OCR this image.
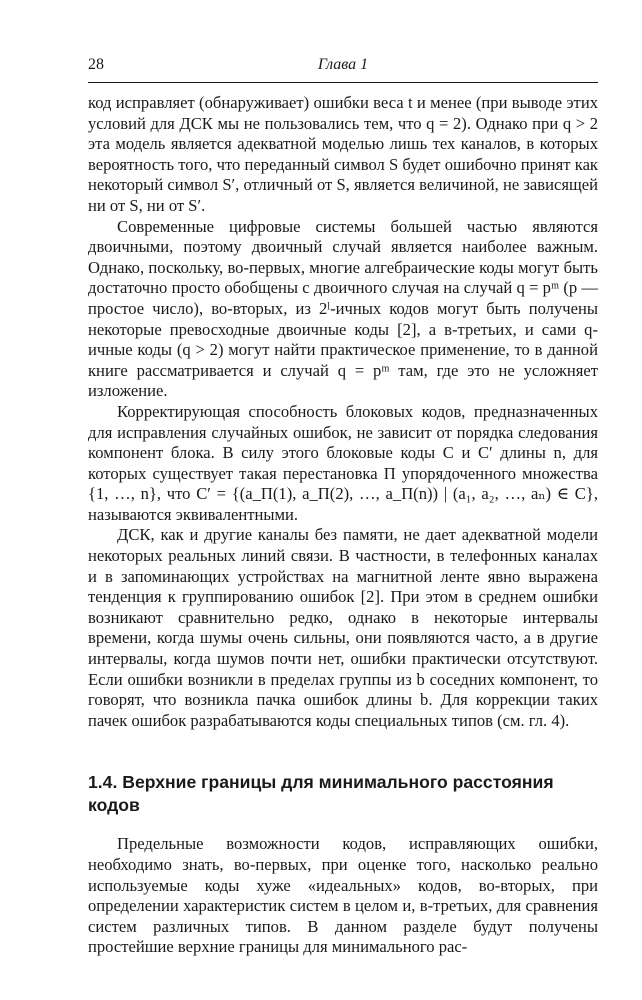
28	Глава 1

код исправляет (обнаруживает) ошибки веса t и менее (при выводе этих условий для ДСК мы не пользовались тем, что q = 2). Однако при q > 2 эта модель является адекватной моделью лишь тех каналов, в которых вероятность того, что переданный символ S будет ошибочно принят как некоторый символ S′, отличный от S, является величиной, не зависящей ни от S, ни от S′.

Современные цифровые системы большей частью являются двоичными, поэтому двоичный случай является наиболее важным. Однако, поскольку, во-первых, многие алгебраические коды могут быть достаточно просто обобщены с двоичного случая на случай q = pᵐ (p — простое число), во-вторых, из 2ˡ-ичных кодов могут быть получены некоторые превосходные двоичные коды [2], а в-третьих, и сами q-ичные коды (q > 2) могут найти практическое применение, то в данной книге рассматривается и случай q = pᵐ там, где это не усложняет изложение.

Корректирующая способность блоковых кодов, предназначенных для исправления случайных ошибок, не зависит от порядка следования компонент блока. В силу этого блоковые коды C и C′ длины n, для которых существует такая перестановка Π упорядоченного множества {1, …, n}, что C′ = {(a_Π(1), a_Π(2), …, a_Π(n)) | (a₁, a₂, …, aₙ) ∈ C}, называются эквивалентными.

ДСК, как и другие каналы без памяти, не дает адекватной модели некоторых реальных линий связи. В частности, в телефонных каналах и в запоминающих устройствах на магнитной ленте явно выражена тенденция к группированию ошибок [2]. При этом в среднем ошибки возникают сравнительно редко, однако в некоторые интервалы времени, когда шумы очень сильны, они появляются часто, а в другие интервалы, когда шумов почти нет, ошибки практически отсутствуют. Если ошибки возникли в пределах группы из b соседних компонент, то говорят, что возникла пачка ошибок длины b. Для коррекции таких пачек ошибок разрабатываются коды специальных типов (см. гл. 4).

1.4. Верхние границы для минимального расстояния кодов

Предельные возможности кодов, исправляющих ошибки, необходимо знать, во-первых, при оценке того, насколько реально используемые коды хуже «идеальных» кодов, во-вторых, при определении характеристик систем в целом и, в-третьих, для сравнения систем различных типов. В данном разделе будут получены простейшие верхние границы для минимального рас-
